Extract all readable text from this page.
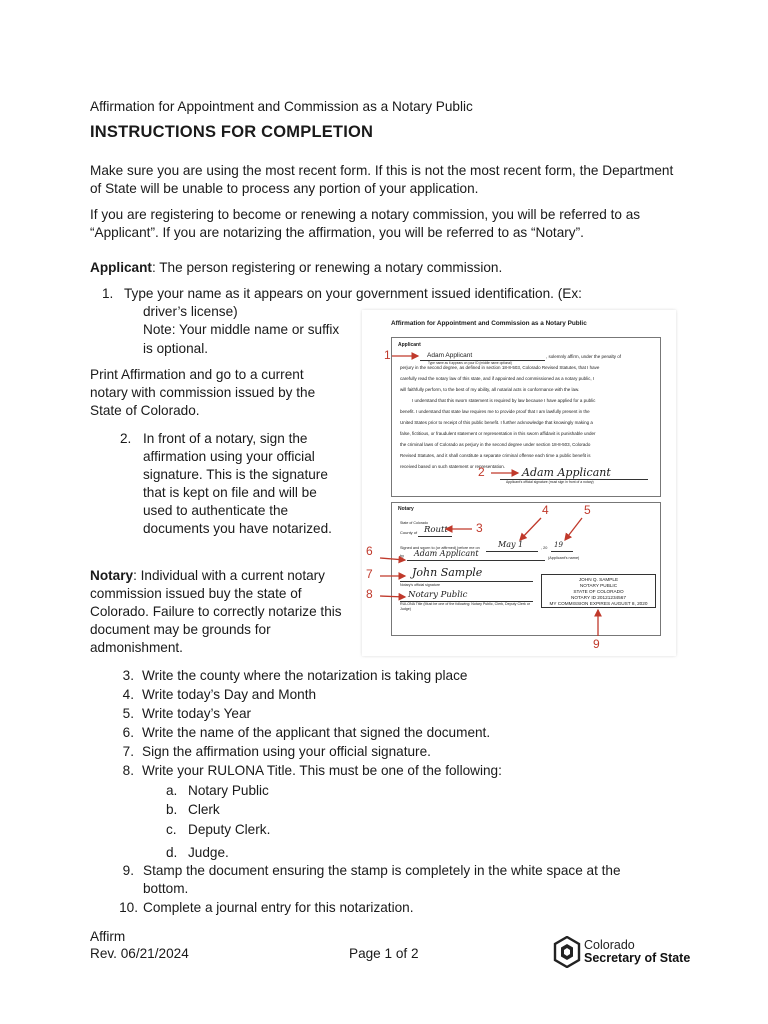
Affirmation for Appointment and Commission as a Notary Public
INSTRUCTIONS FOR COMPLETION

Make sure you are using the most recent form. If this is not the most recent form, the Department of State will be unable to process any portion of your application.

If you are registering to become or renewing a notary commission, you will be referred to as “Applicant”. If you are notarizing the affirmation, you will be referred to as “Notary”.

Applicant: The person registering or renewing a notary commission.

1. Type your name as it appears on your government issued identification. (Ex:
driver’s license)
Note: Your middle name or suffix
is optional.

Print Affirmation and go to a current notary with commission issued by the State of Colorado.

2. In front of a notary, sign the affirmation using your official signature. This is the signature that is kept on file and will be used to authenticate the documents you have notarized.

Notary: Individual with a current notary commission issued buy the state of Colorado. Failure to correctly notarize this document may be grounds for admonishment.

3. Write the county where the notarization is taking place
4. Write today’s Day and Month
5. Write today’s Year
6. Write the name of the applicant that signed the document.
7. Sign the affirmation using your official signature.
8. Write your RULONA Title. This must be one of the following:
a. Notary Public
b. Clerk
c. Deputy Clerk.
d. Judge.
9. Stamp the document ensuring the stamp is completely in the white space at the
bottom.
10. Complete a journal entry for this notarization.
Affirm
Rev. 06/21/2024	Page 1 of 2
Colorado
Secretary of State
Affirmation for Appointment and Commission as a Notary Public
Applicant
Adam Applicant
Type name as it appears on your ID (middle name optional)
, solemnly affirm, under the penalty of
perjury in the second degree, as defined in section 18-8-503, Colorado Revised Statutes, that I have
carefully read the notary law of this state, and if appointed and commissioned as a notary public, I
will faithfully perform, to the best of my ability, all notarial acts in conformance with the law.
I understand that this sworn statement is required by law because I have applied for a public
benefit. I understand that state law requires me to provide proof that I am lawfully present in the
United States prior to receipt of this public benefit. I further acknowledge that knowingly making a
false, fictitious, or fraudulent statement or representation in this sworn affidavit is punishable under
the criminal laws of Colorado as perjury in the second degree under section 18-8-503, Colorado
Revised Statutes, and it shall constitute a separate criminal offense each time a public benefit is
received based on such statement or representation. Adam Applicant
Applicant's official signature (must sign in front of a notary)
Notary
State of Colorado
County of Routt
Signed and sworn to (or affirmed) before me on May 1	, 20 19
by Adam Applicant	(Applicant's name)
John Sample
Notary's official signature
Notary Public
RULONA Title (Must be one of the following: Notary Public, Clerk, Deputy Clerk or Judge)
JOHN Q. SAMPLE
NOTARY PUBLIC
STATE OF COLORADO
NOTARY ID 20121234567
MY COMMISSION EXPIRES AUGUST 8, 2020
1
2
3
4	5
6
7
8
9
